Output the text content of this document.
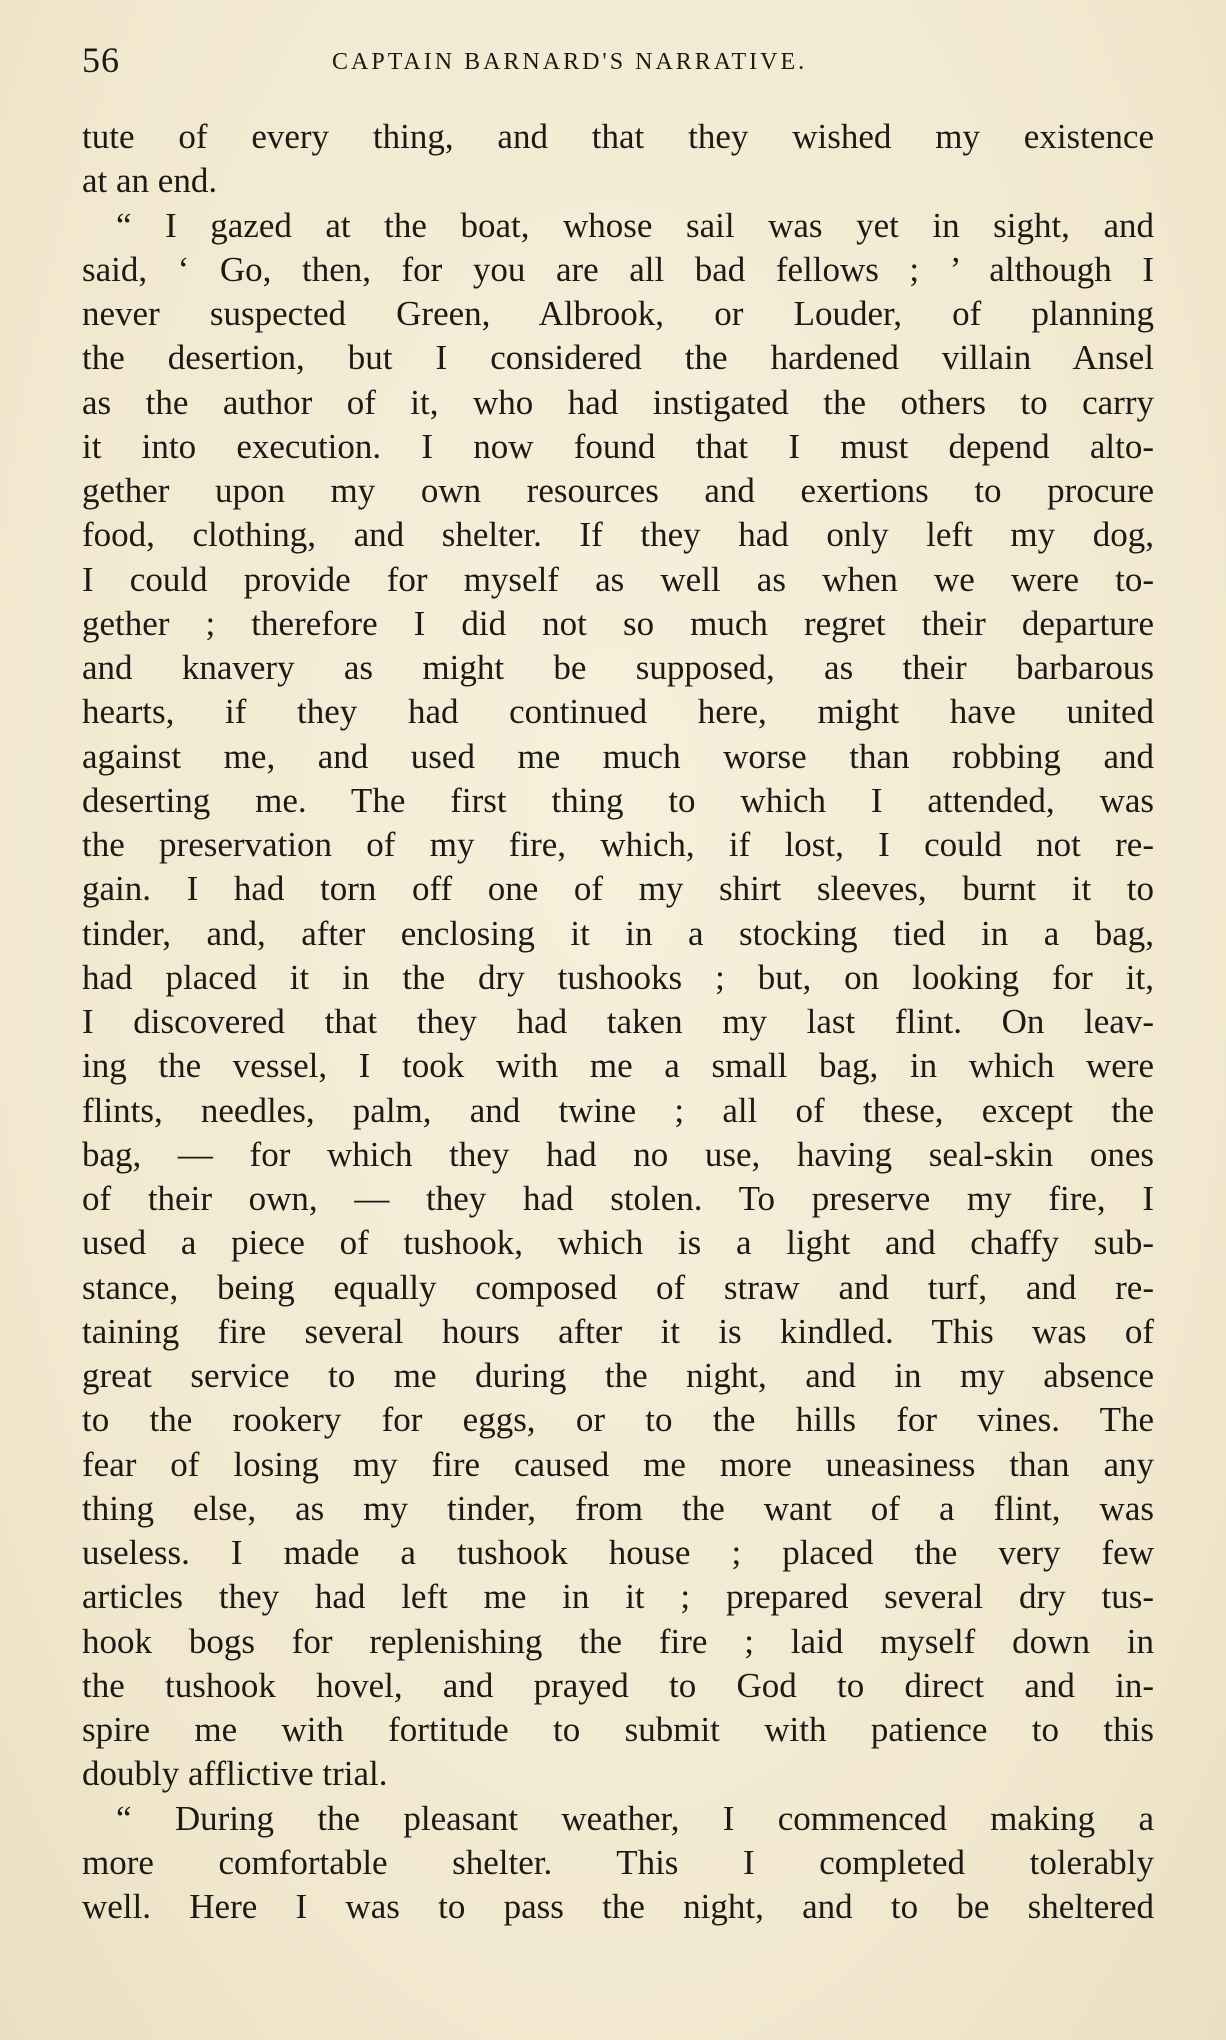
56	CAPTAIN BARNARD'S NARRATIVE.
tute of every thing, and that they wished my existence
at an end.
“ I gazed at the boat, whose sail was yet in sight, and
said, ‘ Go, then, for you are all bad fellows ; ’ although I
never suspected Green, Albrook, or Louder, of planning
the desertion, but I considered the hardened villain Ansel
as the author of it, who had instigated the others to carry
it into execution. I now found that I must depend alto-
gether upon my own resources and exertions to procure
food, clothing, and shelter. If they had only left my dog,
I could provide for myself as well as when we were to-
gether ; therefore I did not so much regret their departure
and knavery as might be supposed, as their barbarous
hearts, if they had continued here, might have united
against me, and used me much worse than robbing and
deserting me. The first thing to which I attended, was
the preservation of my fire, which, if lost, I could not re-
gain. I had torn off one of my shirt sleeves, burnt it to
tinder, and, after enclosing it in a stocking tied in a bag,
had placed it in the dry tushooks ; but, on looking for it,
I discovered that they had taken my last flint. On leav-
ing the vessel, I took with me a small bag, in which were
flints, needles, palm, and twine ; all of these, except the
bag, — for which they had no use, having seal-skin ones
of their own, — they had stolen. To preserve my fire, I
used a piece of tushook, which is a light and chaffy sub-
stance, being equally composed of straw and turf, and re-
taining fire several hours after it is kindled. This was of
great service to me during the night, and in my absence
to the rookery for eggs, or to the hills for vines. The
fear of losing my fire caused me more uneasiness than any
thing else, as my tinder, from the want of a flint, was
useless. I made a tushook house ; placed the very few
articles they had left me in it ; prepared several dry tus-
hook bogs for replenishing the fire ; laid myself down in
the tushook hovel, and prayed to God to direct and in-
spire me with fortitude to submit with patience to this
doubly afflictive trial.
“ During the pleasant weather, I commenced making a
more comfortable shelter. This I completed tolerably
well. Here I was to pass the night, and to be sheltered
